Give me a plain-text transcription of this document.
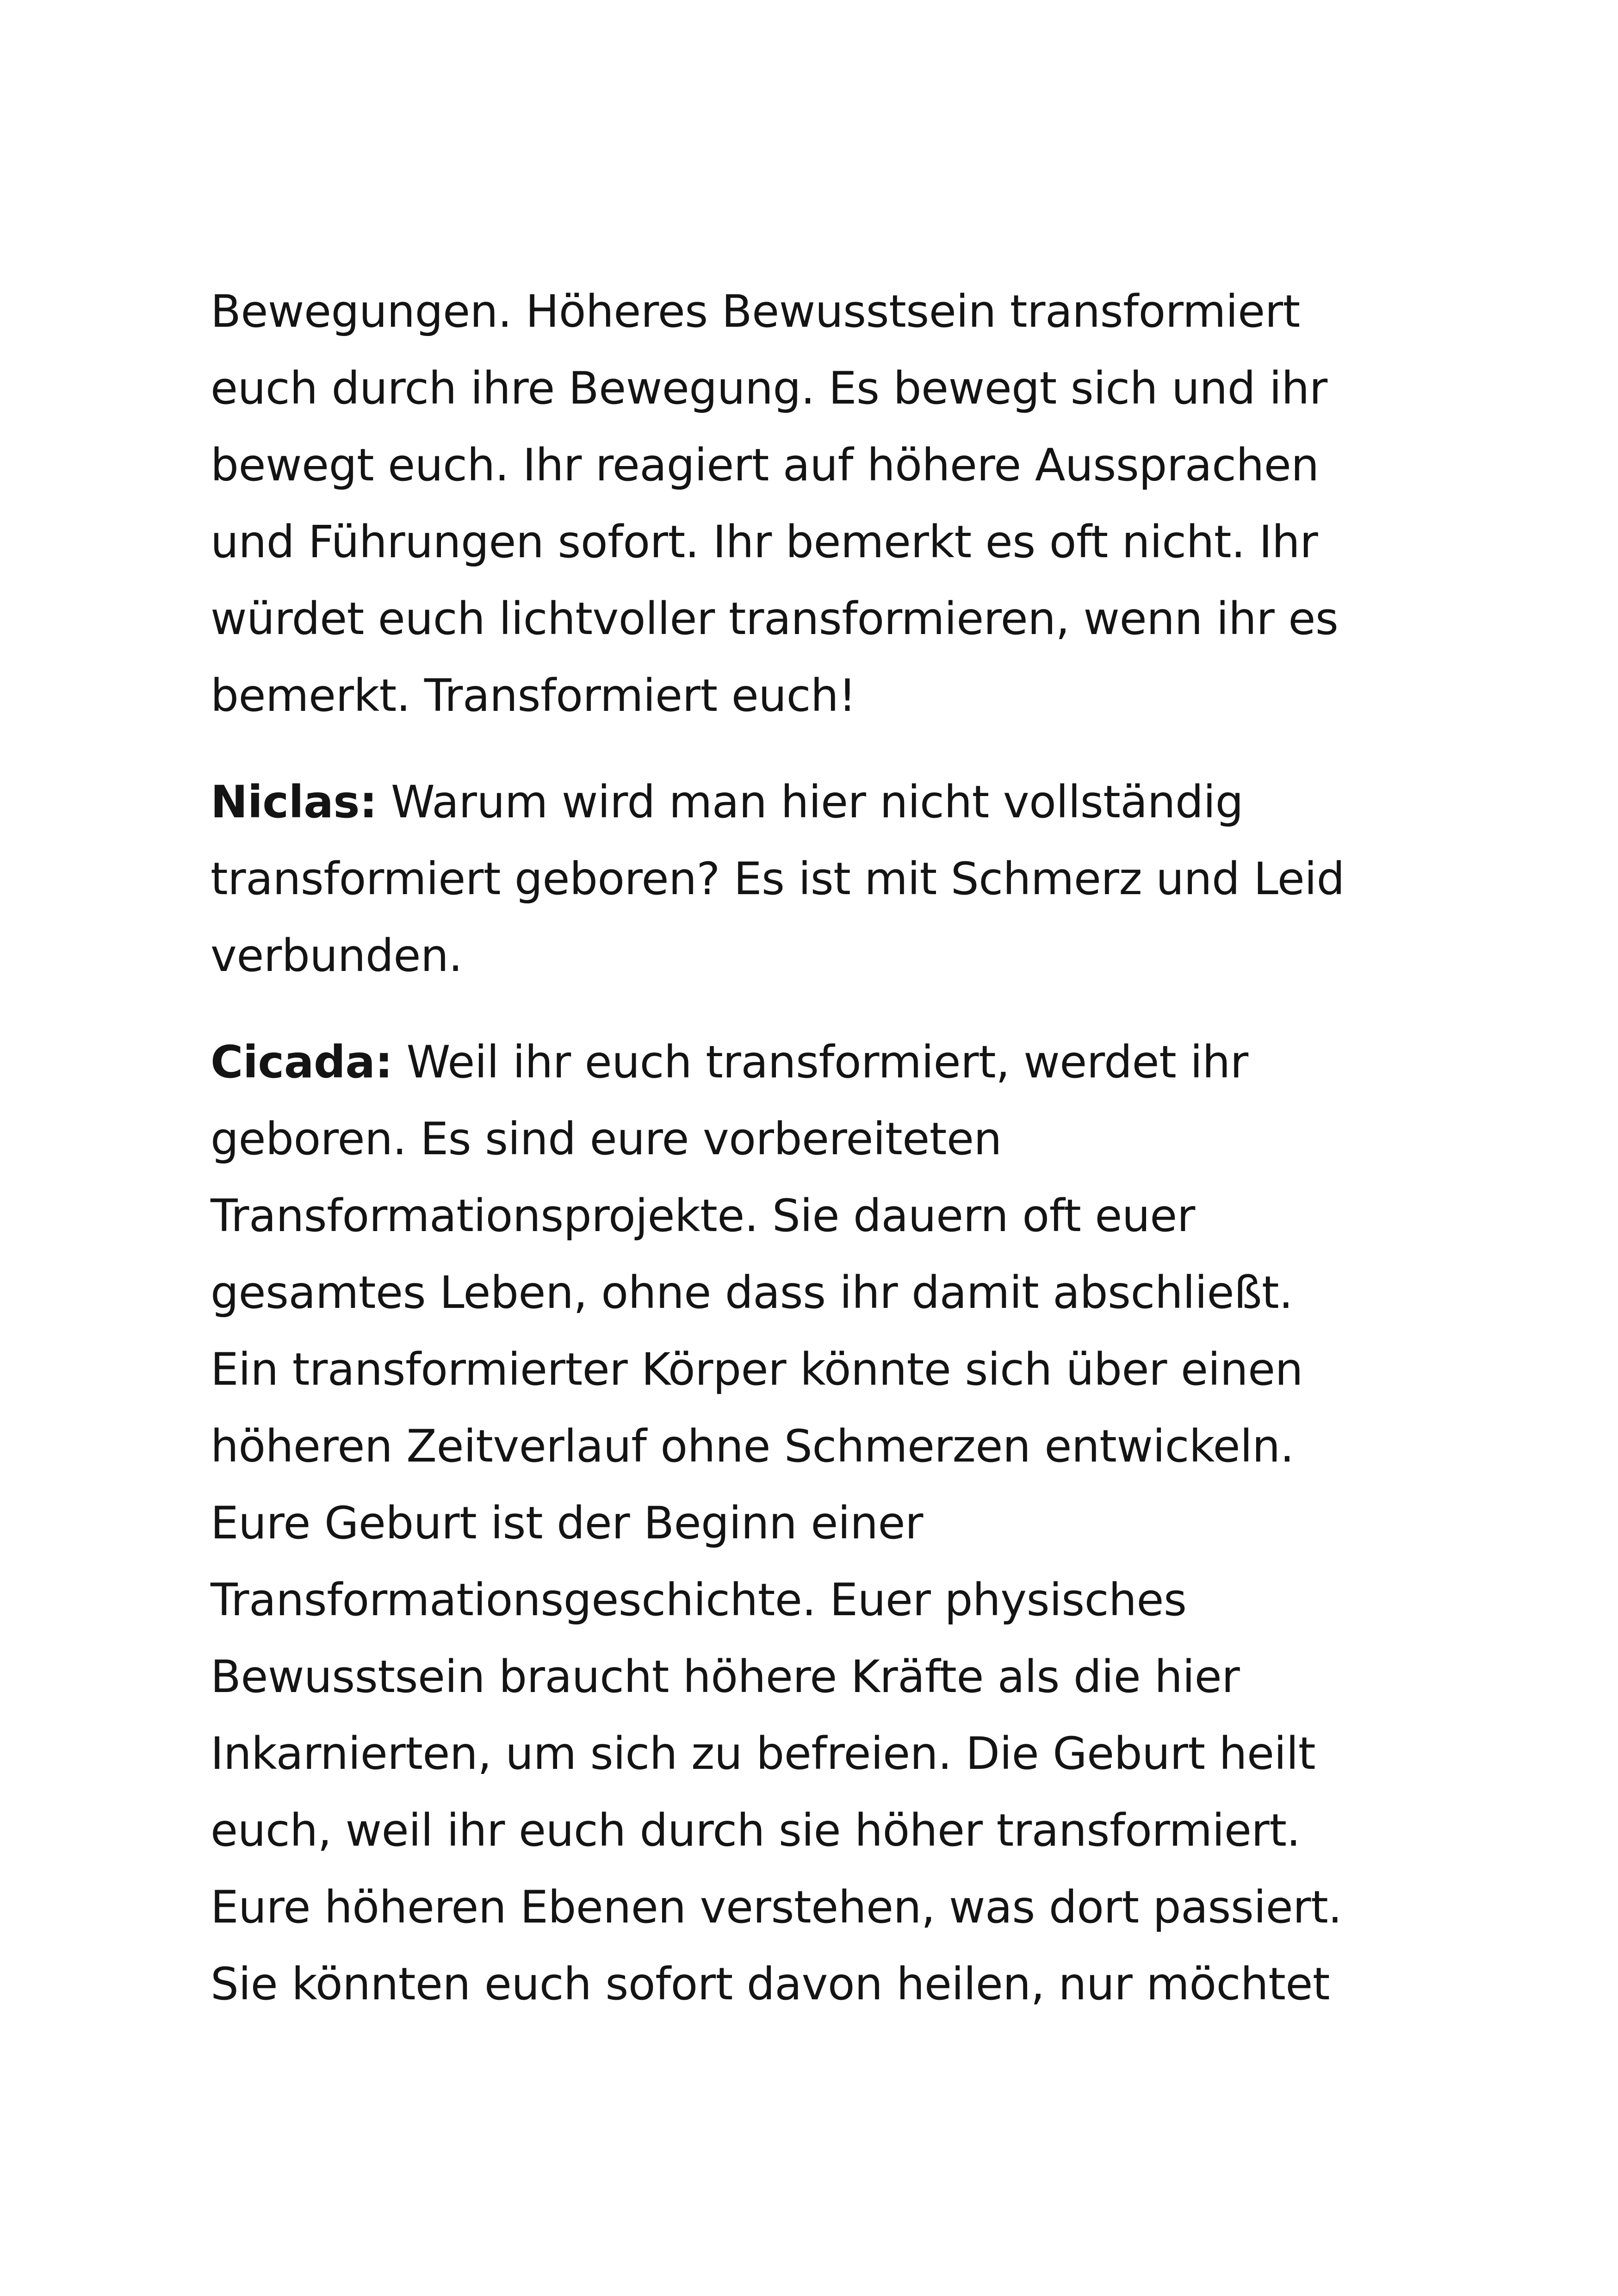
Bewegungen. Höheres Bewusstsein transformiert
euch durch ihre Bewegung. Es bewegt sich und ihr
bewegt euch. Ihr reagiert auf höhere Aussprachen
und Führungen sofort. Ihr bemerkt es oft nicht. Ihr
würdet euch lichtvoller transformieren, wenn ihr es
bemerkt. Transformiert euch!
Niclas: Warum wird man hier nicht vollständig
transformiert geboren? Es ist mit Schmerz und Leid
verbunden.
Cicada: Weil ihr euch transformiert, werdet ihr
geboren. Es sind eure vorbereiteten
Transformationsprojekte. Sie dauern oft euer
gesamtes Leben, ohne dass ihr damit abschließt.
Ein transformierter Körper könnte sich über einen
höheren Zeitverlauf ohne Schmerzen entwickeln.
Eure Geburt ist der Beginn einer
Transformationsgeschichte. Euer physisches
Bewusstsein braucht höhere Kräfte als die hier
Inkarnierten, um sich zu befreien. Die Geburt heilt
euch, weil ihr euch durch sie höher transformiert.
Eure höheren Ebenen verstehen, was dort passiert.
Sie könnten euch sofort davon heilen, nur möchtet
